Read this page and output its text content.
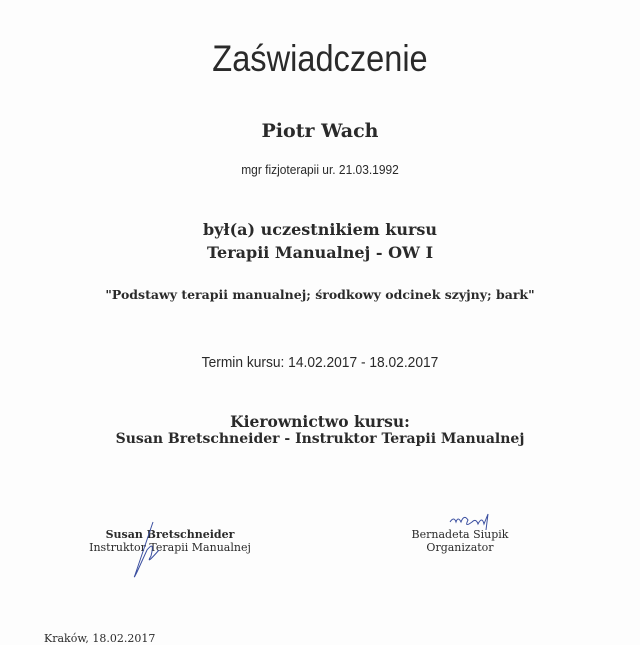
Zaświadczenie
Piotr Wach
mgr fizjoterapii ur. 21.03.1992
był(a) uczestnikiem kursu
Terapii Manualnej - OW I
"Podstawy terapii manualnej; środkowy odcinek szyjny; bark"
Termin kursu: 14.02.2017 - 18.02.2017
Kierownictwo kursu:
Susan Bretschneider - Instruktor Terapii Manualnej
Susan Bretschneider
Instruktor Terapii Manualnej
Bernadeta Siupik
Organizator
Kraków, 18.02.2017
